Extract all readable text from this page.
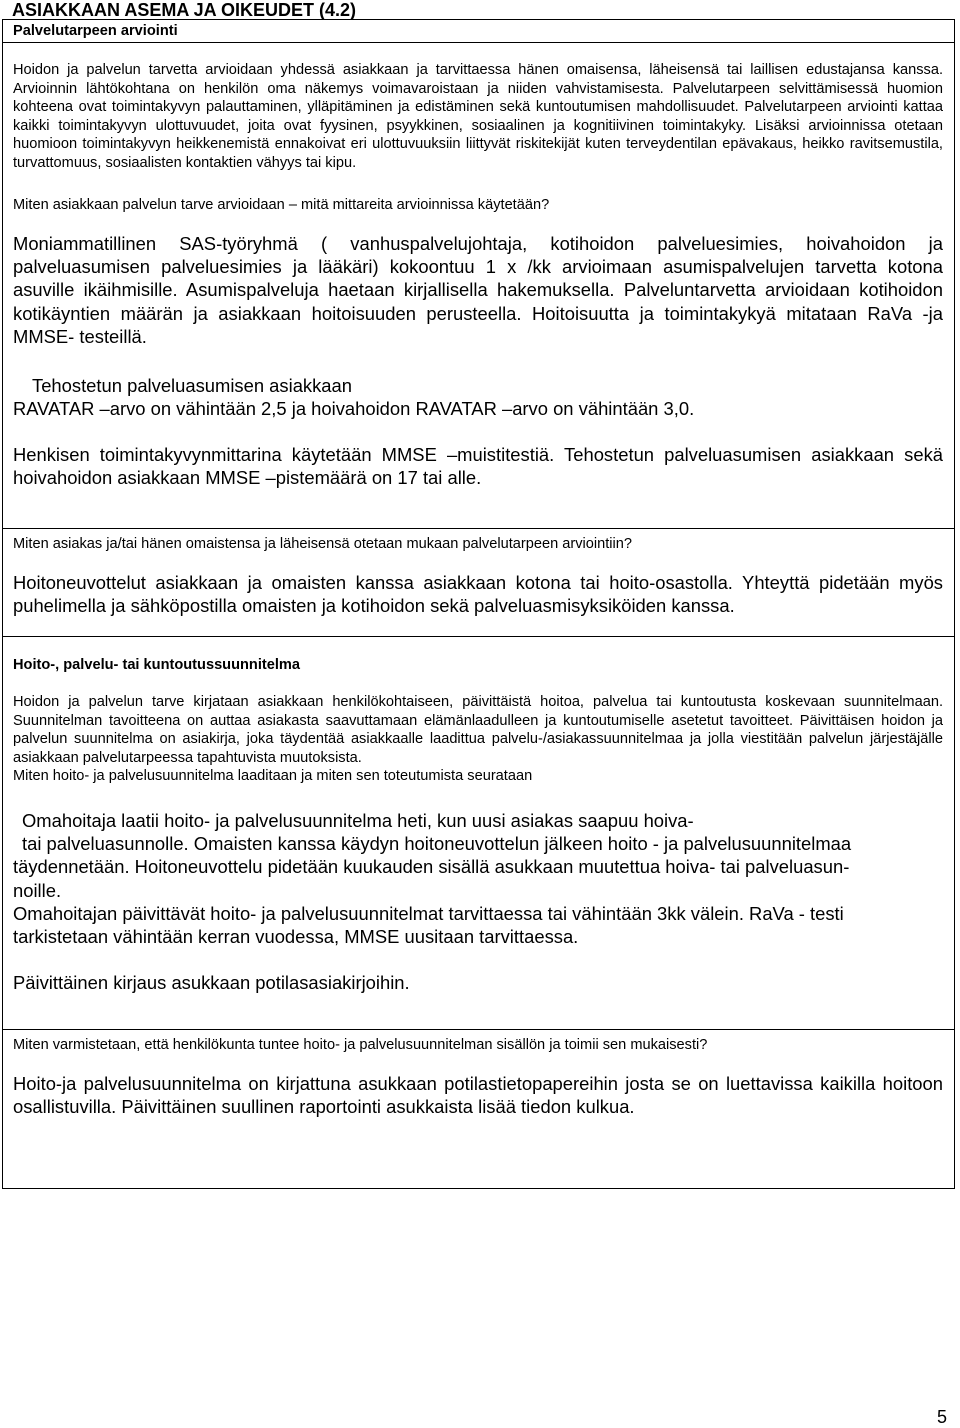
ASIAKKAAN ASEMA JA OIKEUDET (4.2)
Palvelutarpeen arviointi

Hoidon ja palvelun tarvetta arvioidaan yhdessä asiakkaan ja tarvittaessa hänen omaisensa, läheisensä tai laillisen edustajansa kanssa. Arvioinnin lähtökohtana on henkilön oma näkemys voimavaroistaan ja niiden vahvistamisesta. Palvelutarpeen selvittämisessä huomion kohteena ovat toimintakyvyn palauttaminen, ylläpitäminen ja edistäminen sekä kuntoutumisen mahdollisuudet. Palvelutarpeen arviointi kattaa kaikki toimintakyvyn ulottuvuudet, joita ovat fyysinen, psyykkinen, sosiaalinen ja kognitiivinen toimintakyky. Lisäksi arvioinnissa otetaan huomioon toimintakyvyn heikkenemistä ennakoivat eri ulottuvuuksiin liittyvät riskitekijät kuten terveydentilan epävakaus, heikko ravitsemustila, turvattomuus, sosiaalisten kontaktien vähyys tai kipu.

Miten asiakkaan palvelun tarve arvioidaan – mitä mittareita arvioinnissa käytetään?

Moniammatillinen SAS-työryhmä ( vanhuspalvelujohtaja, kotihoidon palveluesimies, hoivahoidon ja palveluasumisen palveluesimies ja lääkäri) kokoontuu 1 x /kk arvioimaan asumispalvelujen tarvetta kotona asuville ikäihmisille. Asumispalveluja haetaan kirjallisella hakemuksella. Palveluntarvetta arvioidaan kotihoidon kotikäyntien määrän ja asiakkaan hoitoisuuden perusteella. Hoitoisuutta ja toimintakykyä mitataan RaVa -ja MMSE- testeillä.

Tehostetun palveluasumisen asiakkaan
RAVATAR –arvo on vähintään 2,5 ja hoivahoidon RAVATAR –arvo on vähintään 3,0.

Henkisen toimintakyvynmittarina käytetään MMSE –muistitestiä. Tehostetun palveluasumisen asiakkaan sekä hoivahoidon asiakkaan MMSE –pistemäärä on 17 tai alle.

Miten asiakas ja/tai hänen omaistensa ja läheisensä otetaan mukaan palvelutarpeen arviointiin?

Hoitoneuvottelut asiakkaan ja omaisten kanssa asiakkaan kotona tai hoito-osastolla. Yhteyttä pidetään myös puhelimella ja sähköpostilla omaisten ja kotihoidon sekä palveluasmisyksiköiden kanssa.

Hoito-, palvelu- tai kuntoutussuunnitelma

Hoidon ja palvelun tarve kirjataan asiakkaan henkilökohtaiseen, päivittäistä hoitoa, palvelua tai kuntoutusta koskevaan suunnitelmaan. Suunnitelman tavoitteena on auttaa asiakasta saavuttamaan elämänlaadulleen ja kuntoutumiselle asetetut tavoitteet. Päivittäisen hoidon ja palvelun suunnitelma on asiakirja, joka täydentää asiakkaalle laadittua palvelu-/asiakassuunnitelmaa ja jolla viestitään palvelun järjestäjälle asiakkaan palvelutarpeessa tapahtuvista muutoksista.

Miten hoito- ja palvelusuunnitelma laaditaan ja miten sen toteutumista seurataan
Omahoitaja laatii hoito- ja palvelusuunnitelma heti, kun uusi asiakas saapuu hoiva-
tai palveluasunnolle. Omaisten kanssa käydyn hoitoneuvottelun jälkeen hoito - ja palvelusuunnitelmaa
täydennetään. Hoitoneuvottelu pidetään kuukauden sisällä asukkaan muutettua hoiva- tai palveluasun-
noille.
Omahoitajan päivittävät hoito- ja palvelusuunnitelmat tarvittaessa tai vähintään 3kk välein. RaVa - testi
tarkistetaan vähintään kerran vuodessa, MMSE uusitaan tarvittaessa.
Päivittäinen kirjaus asukkaan potilasasiakirjoihin.
Miten varmistetaan, että henkilökunta tuntee hoito- ja palvelusuunnitelman sisällön ja toimii sen mukaisesti?

Hoito-ja palvelusuunnitelma on kirjattuna asukkaan potilastietopapereihin josta se on luettavissa kaikilla hoitoon osallistuvilla. Päivittäinen suullinen raportointi asukkaista lisää tiedon kulkua.

5
